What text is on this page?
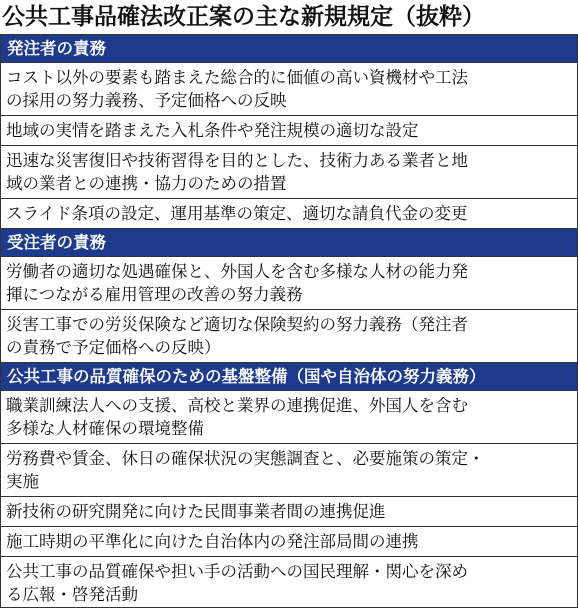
公共工事品確法改正案の主な新規規定（抜粋）
発注者の責務
コスト以外の要素も踏まえた総合的に価値の高い資機材や工法
の採用の努力義務、予定価格への反映
地域の実情を踏まえた入札条件や発注規模の適切な設定
迅速な災害復旧や技術習得を目的とした、技術力ある業者と地
域の業者との連携・協力のための措置
スライド条項の設定、運用基準の策定、適切な請負代金の変更
受注者の責務
労働者の適切な処遇確保と、外国人を含む多様な人材の能力発
揮につながる雇用管理の改善の努力義務
災害工事での労災保険など適切な保険契約の努力義務（発注者
の責務で予定価格への反映）
公共工事の品質確保のための基盤整備（国や自治体の努力義務）
職業訓練法人への支援、高校と業界の連携促進、外国人を含む
多様な人材確保の環境整備
労務費や賃金、休日の確保状況の実態調査と、必要施策の策定・
実施
新技術の研究開発に向けた民間事業者間の連携促進
施工時期の平準化に向けた自治体内の発注部局間の連携
公共工事の品質確保や担い手の活動への国民理解・関心を深め
る広報・啓発活動
